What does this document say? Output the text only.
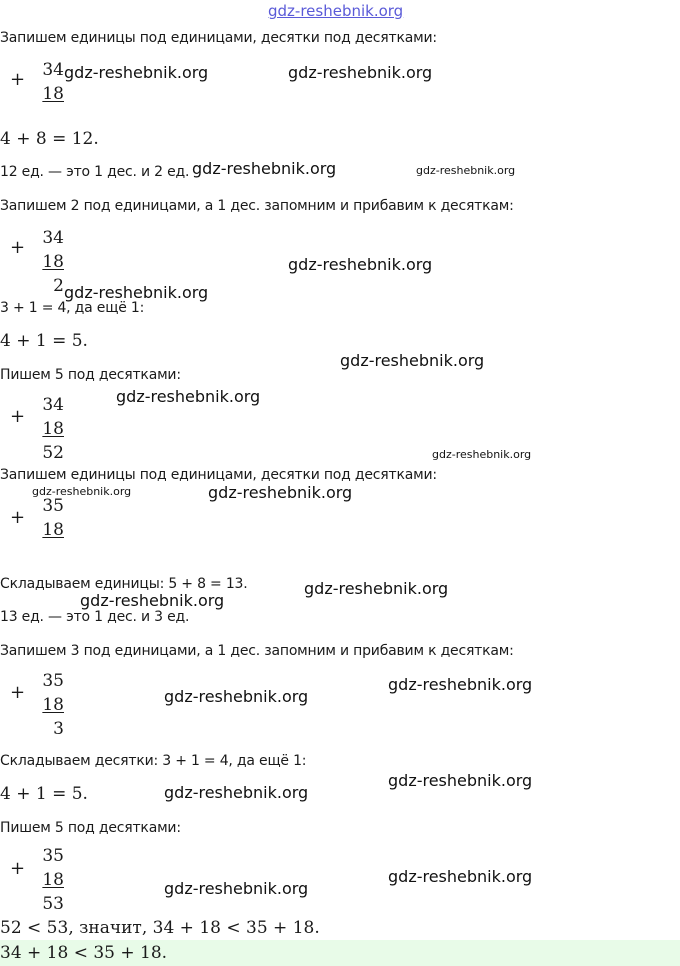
gdz-reshebnik.org
Запишем единицы под единицами, десятки под десятками:
+ 34
18
4 + 8 = 12.
12 ед. — это 1 дес. и 2 ед.
Запишем 2 под единицами, а 1 дес. запомним и прибавим к десяткам:
+ 34
18
2
3 + 1 = 4, да ещё 1:
4 + 1 = 5.
Пишем 5 под десятками:
+
34
18
52
Запишем единицы под единицами, десятки под десятками:
+
35
18
Складываем единицы: 5 + 8 = 13.
13 ед. — это 1 дес. и 3 ед.
Запишем 3 под единицами, а 1 дес. запомним и прибавим к десяткам:
+
35
18
3
Складываем десятки: 3 + 1 = 4, да ещё 1:
4 + 1 = 5.
Пишем 5 под десятками:
+
35
18
53
52 < 53, значит, 34 + 18 < 35 + 18.
34 + 18 < 35 + 18.
gdz-reshebnik.org	gdz-reshebnik.org
gdz-reshebnik.org	gdz-reshebnik.org
gdz-reshebnik.org
gdz-reshebnik.org
gdz-reshebnik.org
gdz-reshebnik.org
gdz-reshebnik.org
gdz-reshebnik.org	gdz-reshebnik.org
gdz-reshebnik.org
gdz-reshebnik.org
gdz-reshebnik.org
gdz-reshebnik.org
gdz-reshebnik.org
gdz-reshebnik.org
gdz-reshebnik.org
gdz-reshebnik.org
